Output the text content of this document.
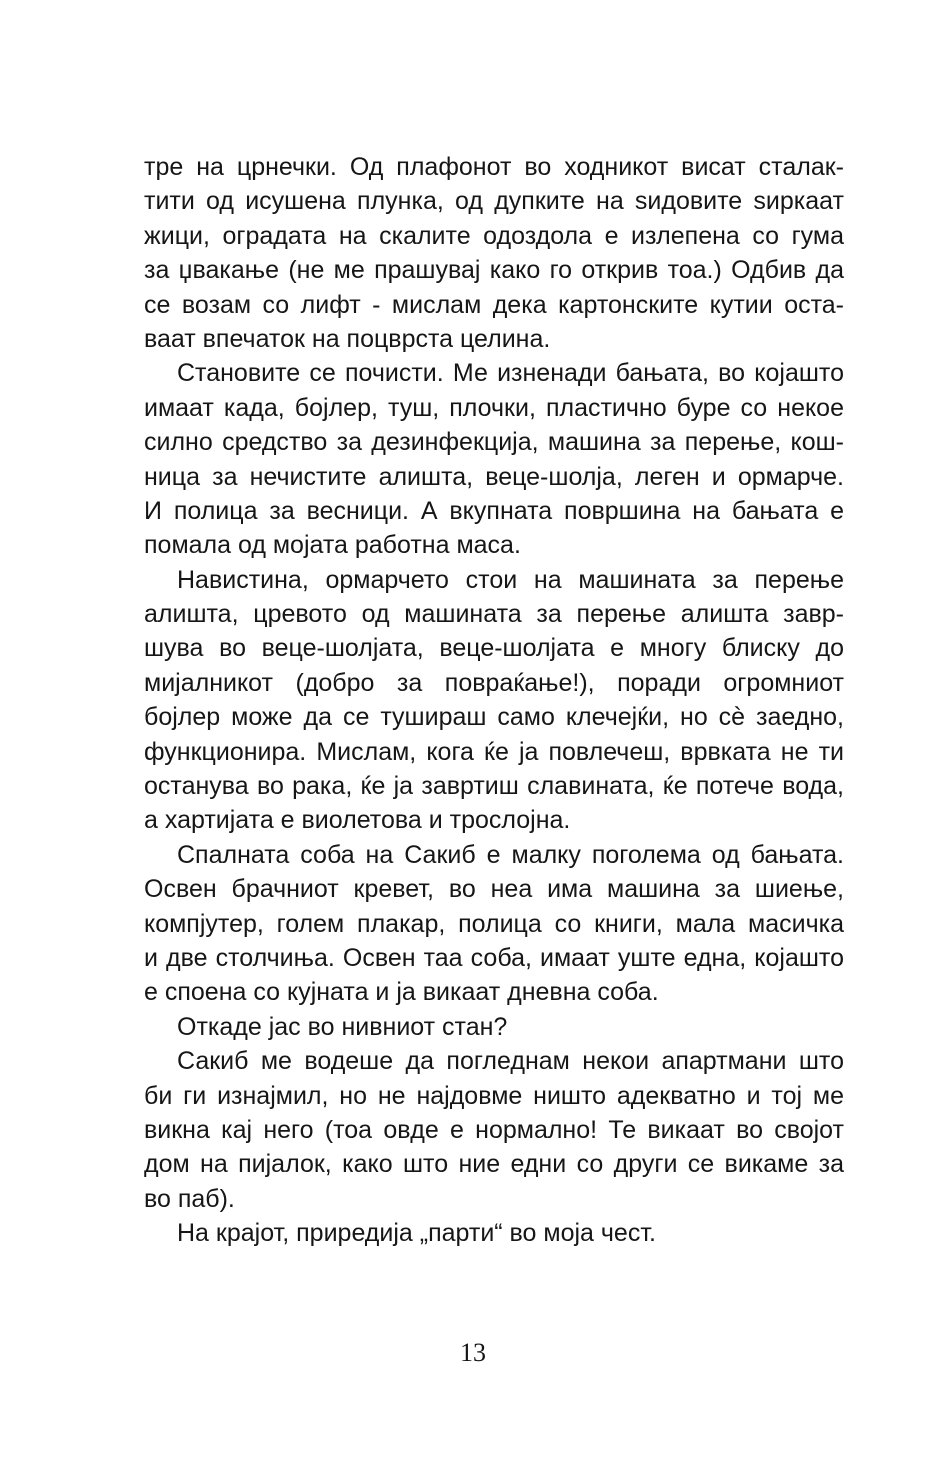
тре на црнечки. Од плафонот во ходникот висат сталак-
тити од исушена плунка, од дупките на ѕидовите ѕиркаат
жици, оградата на скалите одоздола е излепена со гума
за џвакање (не ме прашувај како го открив тоа.) Одбив да
се возам со лифт - мислам дека картонските кутии оста-
ваат впечаток на поцврста целина.
Становите се почисти. Ме изненади бањата, во којашто
имаат када, бојлер, туш, плочки, пластично буре со некое
силно средство за дезинфекција, машина за перење, кош-
ница за нечистите алишта, веце-шолја, леген и ормарче.
И полица за весници. А вкупната површина на бањата е
помала од мојата работна маса.
Навистина, ормарчето стои на машината за перење
алишта, цревото од машината за перење алишта завр-
шува во веце-шолјата, веце-шолјата е многу блиску до
мијалникот (добро за повраќање!), поради огромниот
бојлер може да се тушираш само клечејќи, но сѐ заедно,
функционира. Мислам, кога ќе ја повлечеш, врвката не ти
останува во рака, ќе ја завртиш славината, ќе потече вода,
а хартијата е виолетова и трослојна.
Спалната соба на Сакиб е малку поголема од бањата.
Освен брачниот кревет, во неа има машина за шиење,
компјутер, голем плакар, полица со книги, мала масичка
и две столчиња. Освен таа соба, имаат уште една, којашто
е споена со кујната и ја викаат дневна соба.
Откаде јас во нивниот стан?
Сакиб ме водеше да погледнам некои апартмани што
би ги изнајмил, но не најдовме ништо адекватно и тој ме
викна кај него (тоа овде е нормално! Те викаат во својот
дом на пијалок, како што ние едни со други се викаме за
во паб).
На крајот, приредија „парти“ во моја чест.
13
